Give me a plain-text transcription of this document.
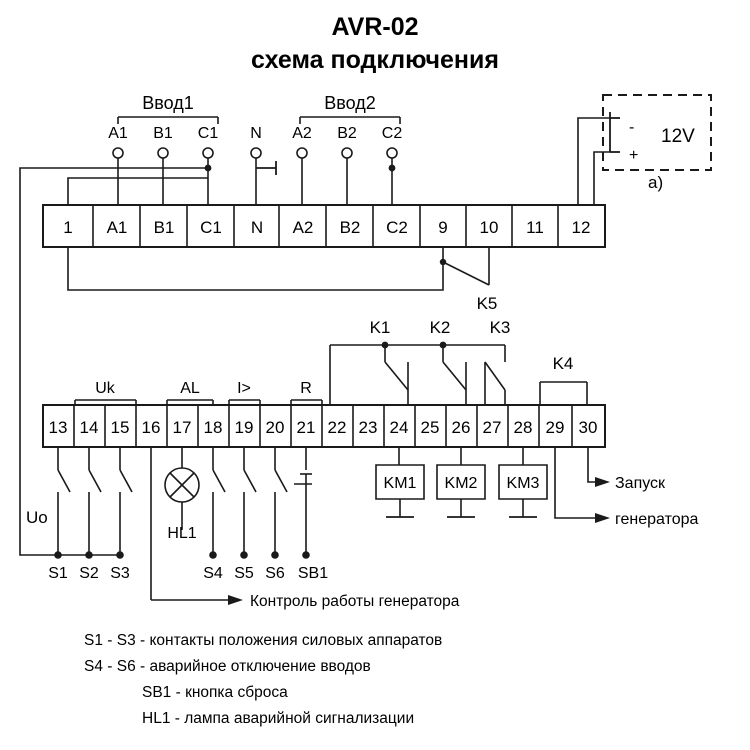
AVR-02
схема подключения
Ввод1	Ввод2
A1 B1 C1 N A2 B2 C2	12V
-
+
а)
1 A1 B1 C1 N A2 B2 C2 9 10 11 12
K5
K1 K2 K3
K4
13 14 15 16 17 18 19 20 21 22 23 24 25 26 27 28 29 30
Uk	AL I>	R
Uo
HL1
S1 S2 S3	S4 S5 S6 SB1
KM1 KM2 KM3	Запуск
генератора
Контроль работы генератора
S1 - S3 - контакты положения силовых аппаратов
S4 - S6 - аварийное отключение вводов
SB1 - кнопка сброса
HL1 - лампа аварийной сигнализации
